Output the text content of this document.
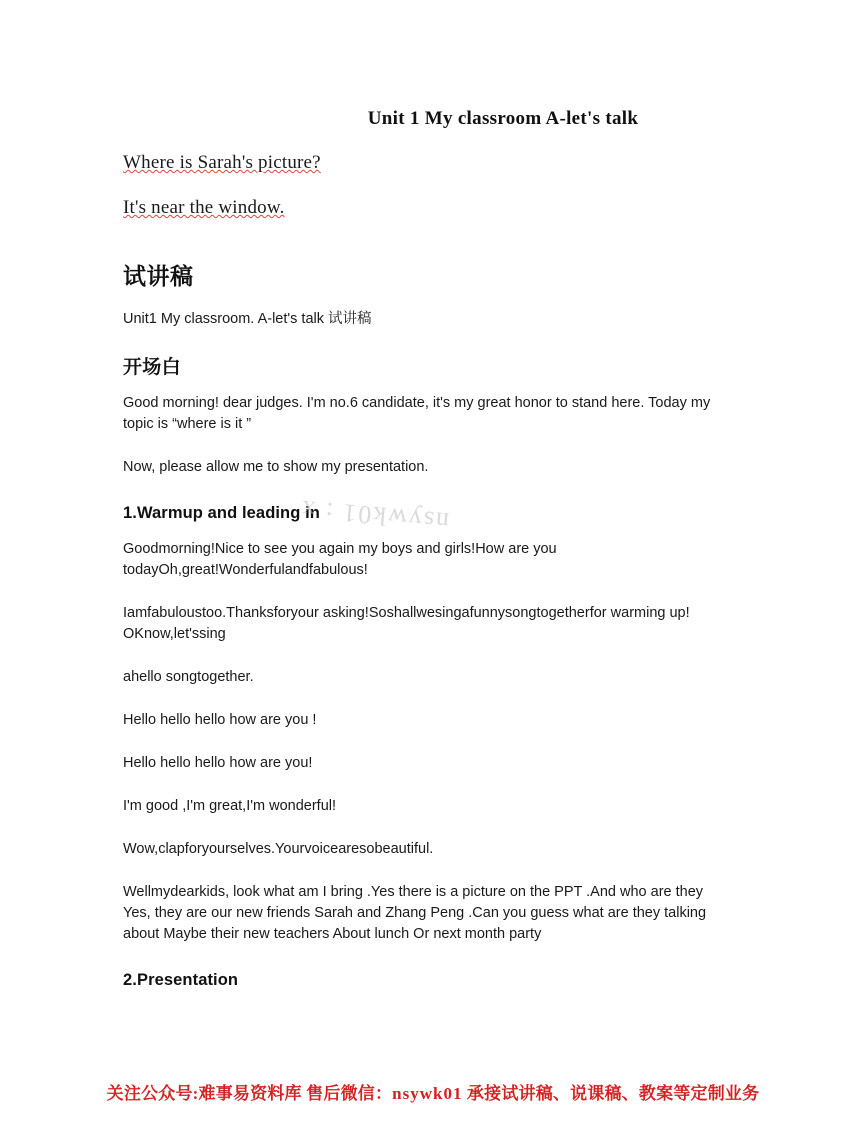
Unit 1 My classroom A-let's talk
Where is Sarah's picture?
It's near the window.
试讲稿
Unit1 My classroom. A-let's talk 试讲稿
开场白

Good morning! dear judges. I'm no.6 candidate, it's my great honor to stand here. Today my topic is “where is it ”

Now, please allow me to show my presentation.

1.Warmup and leading in

Goodmorning!Nice to see you again my boys and girls!How are you todayOh,great!Wonderfulandfabulous!

Iamfabuloustoo.Thanksforyour asking!Soshallwesingafunnysongtogetherfor warming up! OKnow,let'ssing

ahello songtogether.

Hello hello hello how are you !

Hello hello hello how are you!

I'm good ,I'm great,I'm wonderful!

Wow,clapforyourselves.Yourvoicearesobeautiful.

Wellmydearkids, look what am I bring .Yes there is a picture on the PPT .And who are they Yes, they are our new friends Sarah and Zhang Peng .Can you guess what are they talking about Maybe their new teachers About lunch Or next month party

2.Presentation
nsywk01 : x
关注公众号:难事易资料库 售后微信：nsywk01 承接试讲稿、说课稿、教案等定制业务
